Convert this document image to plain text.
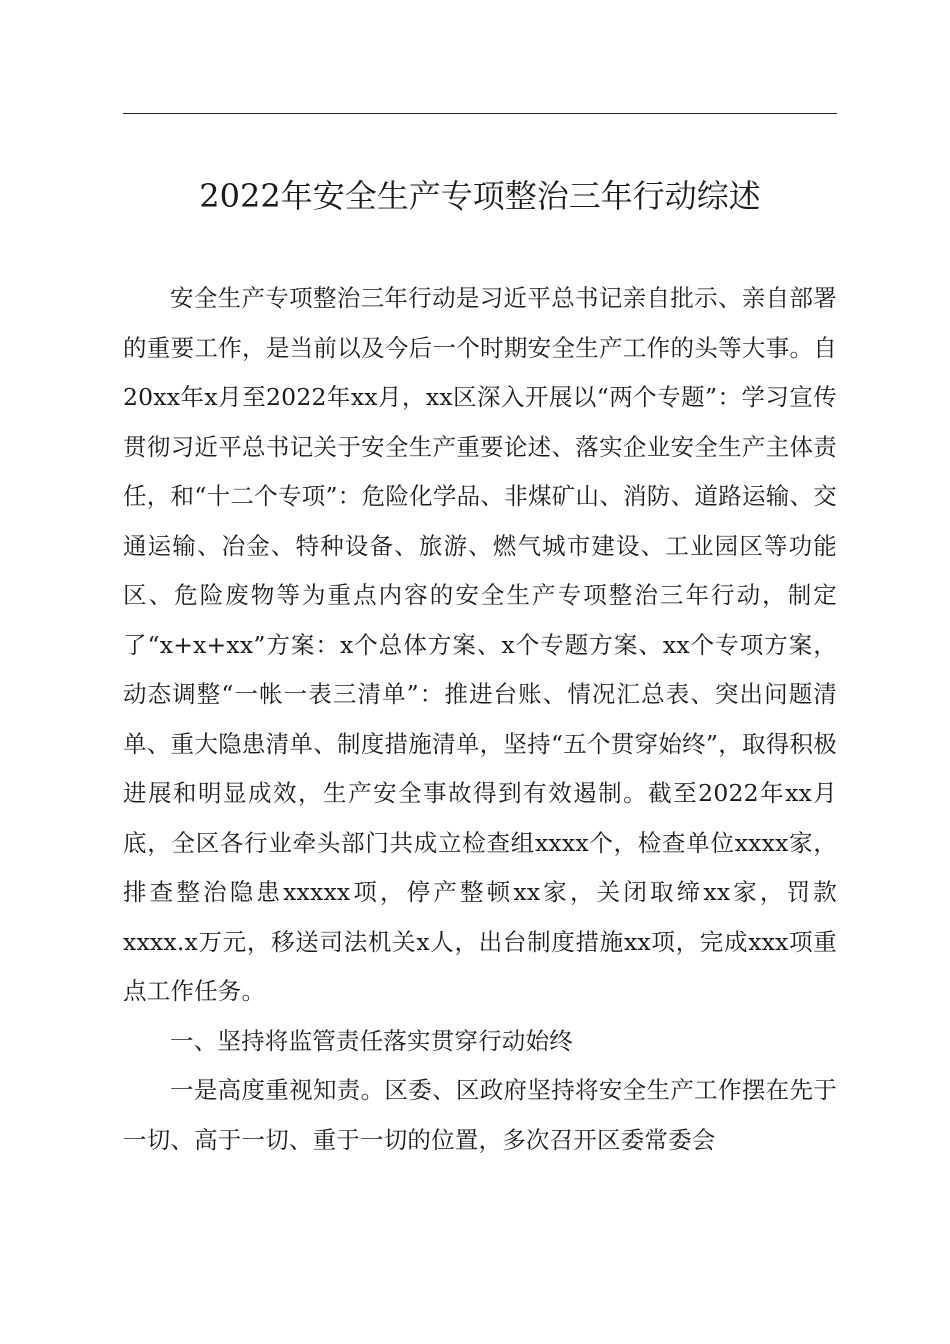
2022年安全生产专项整治三年行动综述

安全生产专项整治三年行动是习近平总书记亲自批示、亲自部署的重要工作，是当前以及今后一个时期安全生产工作的头等大事。自20xx年x月至2022年xx月，xx区深入开展以“两个专题”：学习宣传贯彻习近平总书记关于安全生产重要论述、落实企业安全生产主体责任，和“十二个专项”：危险化学品、非煤矿山、消防、道路运输、交通运输、冶金、特种设备、旅游、燃气城市建设、工业园区等功能区、危险废物等为重点内容的安全生产专项整治三年行动，制定了“x+x+xx”方案：x个总体方案、x个专题方案、xx个专项方案，动态调整“一帐一表三清单”：推进台账、情况汇总表、突出问题清单、重大隐患清单、制度措施清单，坚持“五个贯穿始终”，取得积极进展和明显成效，生产安全事故得到有效遏制。截至2022年xx月底，全区各行业牵头部门共成立检查组xxxx个，检查单位xxxx家，排查整治隐患xxxxx项，停产整顿xx家，关闭取缔xx家，罚款xxxx.x万元，移送司法机关x人，出台制度措施xx项，完成xxx项重点工作任务。

一、坚持将监管责任落实贯穿行动始终

一是高度重视知责。区委、区政府坚持将安全生产工作摆在先于一切、高于一切、重于一切的位置，多次召开区委常委会
